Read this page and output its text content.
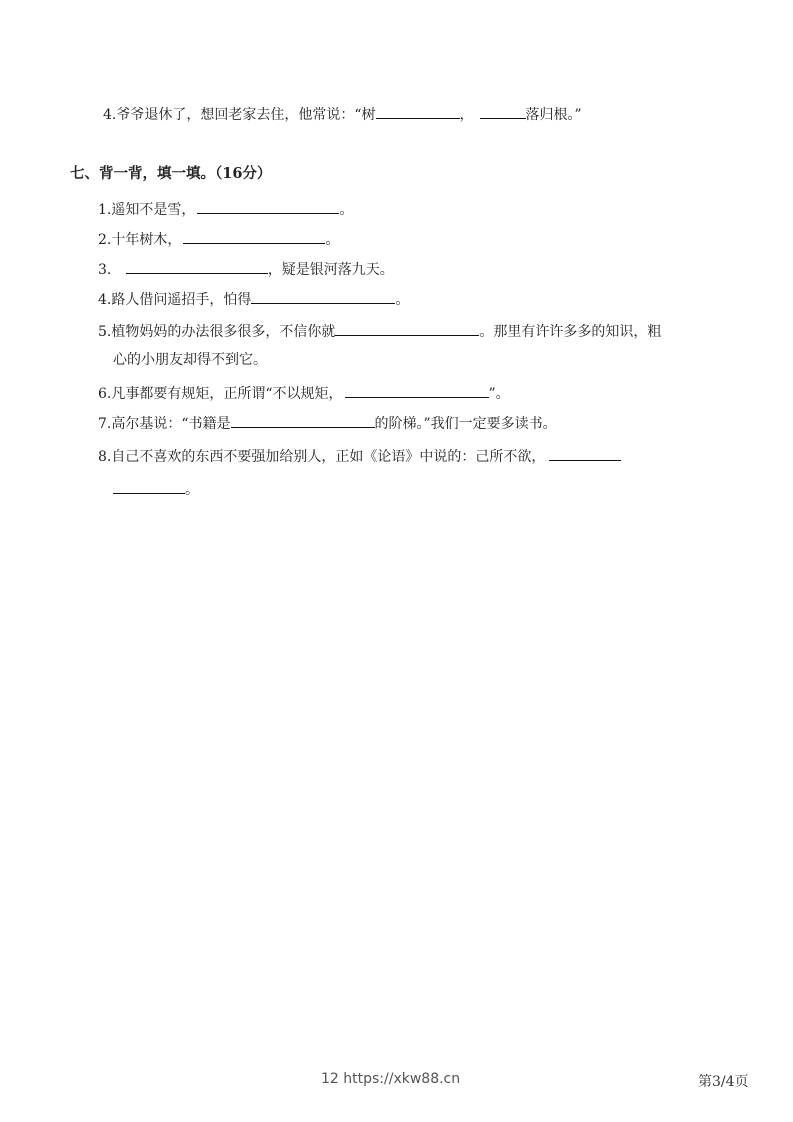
4.爷爷退休了，想回老家去住，他常说：“树	，	落归根。”
七、背一背，填一填。（16分）
1.遥知不是雪，	。
2.十年树木，	。
3.	，疑是银河落九天。
4.路人借问遥招手，怕得	。
5.植物妈妈的办法很多很多，不信你就	。那里有许许多多的知识，粗
心的小朋友却得不到它。
6.凡事都要有规矩，正所谓“不以规矩，	”。
7.高尔基说：“书籍是	的阶梯。”我们一定要多读书。
8.自己不喜欢的东西不要强加给别人，正如《论语》中说的：己所不欲，
。
12 https://xkw88.cn	第3/4页
